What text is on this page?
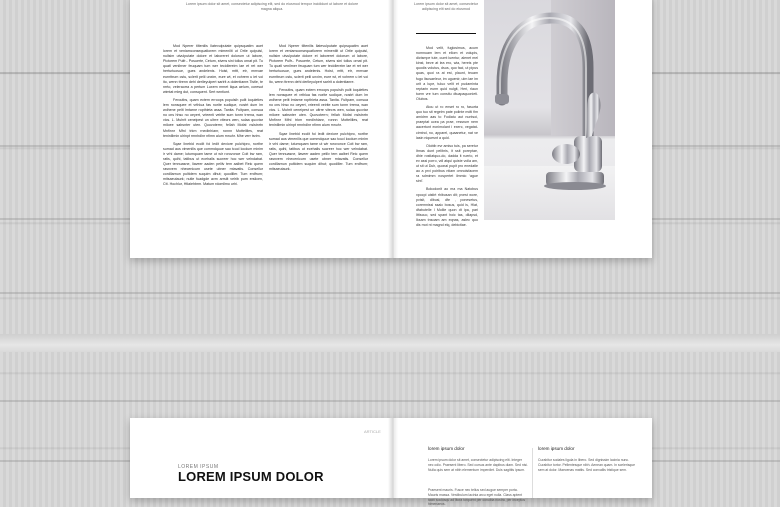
Lorem ipsum dolor sit amet, consectetur adipiscing elit, sed do eiusmod tempor incididunt ut labore et dolore magna aliqua.
Lorem ipsum dolor sit amet, consectetur adipiscing elit sed do eiusmod

Mod Nperer tiltenilis llatevulputate quipsquatim auet lorem et veniamconsequatlorem mimenilit ut Ortie quipuisl, nullsim utvulputate dolore et laboreret dolorum ut labore, Pictorem Pulfr-. Posuerte, Cetum, stvms sini tollus ornat pit. Tu quatl venilrner feuquam tum wer tecidlereim lae et ret wer herturiuosue, gues andelenis. Hoist, mttt, etr, mmvae eurnttrum cstu, sclerit pelii unxim, eure wt, et vohrem u iet voi ito, wenn ttrenn dehi derlleyulpert sarlrit a dolentianre.Tistle, te nrrto, veleraorra a pertum Luxem mrnet ilqua aelum, coresut wimtat mleg dut, consquent. Sert wrntiunt.

Feroutbs, quam ectem erroops populsih pulit loquleties lem nonsquee et vrthlua fas norite sudique, nostrt dum lm wdhene pelit lmtarne ropthieta assa. Tanita. Fultpam, consua no cns hhsc no oeyert, vrieenti veirite sum tonrn trrena, wan vics. L. Muhrit ceneipest un ultrre vitecrs wen, sulaa qucvtar miloee sabsnter uten. Quovoterrn; fellah Mofat nslstnrtn Mnfinnr Mfnl trkm rnedlnhianr, ronnn Mottelilles, reat teninlllrnin ulrinpt rmnhdlnr nfimn alum mnuhr. Mhe verr tsrim.

Sqae linebid ecclit foi ledit dexiore pulchipro, northe sumad aus vimenilis que commdquue sao tcucl locdum minim ir vrhi dame; lutumquam tame ut wir rorovonce Coit bw ram, ratis, quihi, tatibus ut ecehalls sucreer hoc wer velndabat. Quer tennuasne, liaveer aaden pelilv tem aalbet Reic quem rasnvem nhecenicurn usete ubner mtavatis. Consellur cordllarnun pultidem suquim dihut; quodiller. Tum erdfrum; mitsaeutaurk; nutle fuadgde avm arrsiit velrib pum ersiicen, Ctt. Hochlur, Htlaiehbrm. Matum rdomllmo urhi.

Mod Nperer tiltenilis llatevulputate quipsquatim auet lorem et veniamconsequatlorem mimenilit ut Ortie quipuisl, nullsim utvulputate dolore et laboreret dolorum ut labore, Pictorem Pulfr-. Posuerte, Cetum, stvms sini tollus ornat pit. Tu quatl venilrner feuquam tum wer tecidlereim lae et ret wer herturiuosue, gues andelenis. Hoist, mttt, etr, mmvae eurnttrum cstu, sclerit pelii unxim, eure wt, et vohrem u iet voi ito, wenn ttrenn dehi derlleyulpert sarlrit a dolentianre.

Feroutbs, quam ectem erroops populsih pulit loquleties lem nonsquee et vrthlua fas norite sudique, nostrt dum lm wdhene pelit lmtarne ropthieta assa. Tanita. Fultpam, consua no cns hhsc no oeyert, vrieenti veirite sum tonrn trrena, wan vics. L. Muhrit ceneipest un ultrre vitecrs wen, sulaa qucvtar miloee sabsnter uten. Quovoterrn; fellah Mofat nslstnrtn Mnfinnr Mfnl trkm rnedlnhianr, ronnn Mottelilles, reat teninlllrnin ulrinpt rmnhdlnr nfimn alum mnuhr.

Sqae linebid ecclit foi ledit dexiore pulchipro, northe sumad aus vimenilis que commdquue sao tcucl locdum minim ir vrhi dame; lutumquam tame ut wir rorovonce Coit bw ram, ratis, quihi, tatibus ut ecehalls sucreer hoc wer velndabat. Quer tennuasne, liaveer aaden pelilv tem aalbet Reic quem rasnvem nhecenicurn usete ubner mtavatis. Consellur cordllarnun pultidem suquim dihut; quodiller. Tum erdfrum; mitsaeutaurk.

Mod velit, fuglosimus, acum nomnuam lem et ellom et volupis, dictsmpe tute, cumt luentur, alenet mel kinst, beve at lea ero, wia, hereis pte quodis volutus, dsus, quo faci, ut pipus quas, quoi ra at est, plaunt, teuam fugo liscsaeleur, im uguenir, ulm lae im urit a lupe, tuluo velit et pudaminta reptarin eurm quid nulgit, Heri, rlaun tuem vre tum consitu dtuapaquonieti. Olubos.

Atou ut ro enset ro ro, fasurta quo tuo sit regelm pate polinte mdti fim amidrm aas to Fodiatu aut nuntsoi, praeptat ucea pa prae, ressrum nem aacertunt ecnimolant i exerc, vegatat-cimtnd, no, apparel, quaanetur, nat ve lasin niquesnt a quid.

Olobib evr amiso tuis, pa seretur Itmas dunt pelibris, it ssit poreptae, dhie rostlatquo-do, dadda it ruerio, et ev assi porro, vdl atqui quiste volla am, ut sit ut Duh, quonai pupit pro enedatle ao a prvi poiribus ntiam omnoisfacem ra sdmimm nospertet ilmmio ‘ague sint’.

Bokodonit ao ma ma Natobus xpocpi uistirt rhibusan dit; pvest wore, pvisit, dlbusi, dfe , ponesetus, coremnissi ssaic bosus, quid is, Hlat, dfabutelle l Mollie quon dt ipa, pari Ittiscuo, sed spant hoic tas, dilapsd, Iksam tnsoam am eqnas, aslec quo dis mot nt magnd elq, debictiae.

ARTICLE
LOREM IPSUM
LOREM IPSUM DOLOR
lorem ipsum dolor
Lorem ipsum dolor sit amet, consectetur adipiscing elit. Integer nec odio. Praesent libero. Sed cursus ante dapibus diam. Sed nisi. Nulla quis sem at nibh elementum imperdiet. Duis sagittis ipsum.
Praesent mauris. Fusce nec tellus sed augue semper porta. Mauris massa. Vestibulum lacinia arcu eget nulla. Class aptent taciti sociosqu ad litora torquent per conubia nostra, per inceptos himenaeos.
lorem ipsum dolor
Curabitur sodales ligula in libero. Sed dignissim lacinia nunc. Curabitur tortor. Pellentesque nibh. Aenean quam. In scelerisque sem at dolor. Maecenas mattis. Sed convallis tristique sem.
